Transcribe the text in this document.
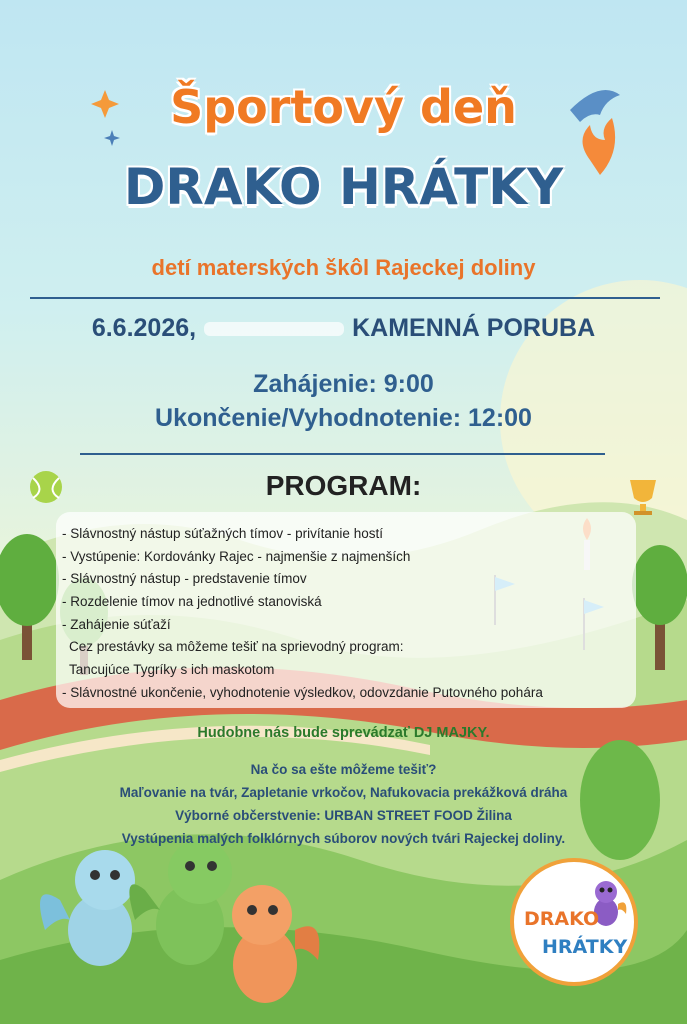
Športový deň
DRAKO HRÁTKY
detí materských škôl Rajeckej doliny
6.6.2026,	KAMENNÁ PORUBA
Zahájenie: 9:00
Ukončenie/Vyhodnotenie: 12:00
PROGRAM:
- Slávnostný nástup súťažných tímov - privítanie hostí
- Vystúpenie: Kordovánky Rajec - najmenšie z najmenších
- Slávnostný nástup - predstavenie tímov
- Rozdelenie tímov na jednotlivé stanoviská
- Zahájenie súťaží
Cez prestávky sa môžeme tešiť na sprievodný program:
Tancujúce Tygríky s ich maskotom
- Slávnostné ukončenie, vyhodnotenie výsledkov, odovzdanie Putovného pohára
Hudobne nás bude sprevádzať DJ MAJKY.
Na čo sa ešte môžeme tešiť?
Maľovanie na tvár, Zapletanie vrkočov, Nafukovacia prekážková dráha
Výborné občerstvenie: URBAN STREET FOOD Žilina
Vystúpenia malých folklórnych súborov nových tvári Rajeckej doliny.
DRAKO
HRÁTKY
